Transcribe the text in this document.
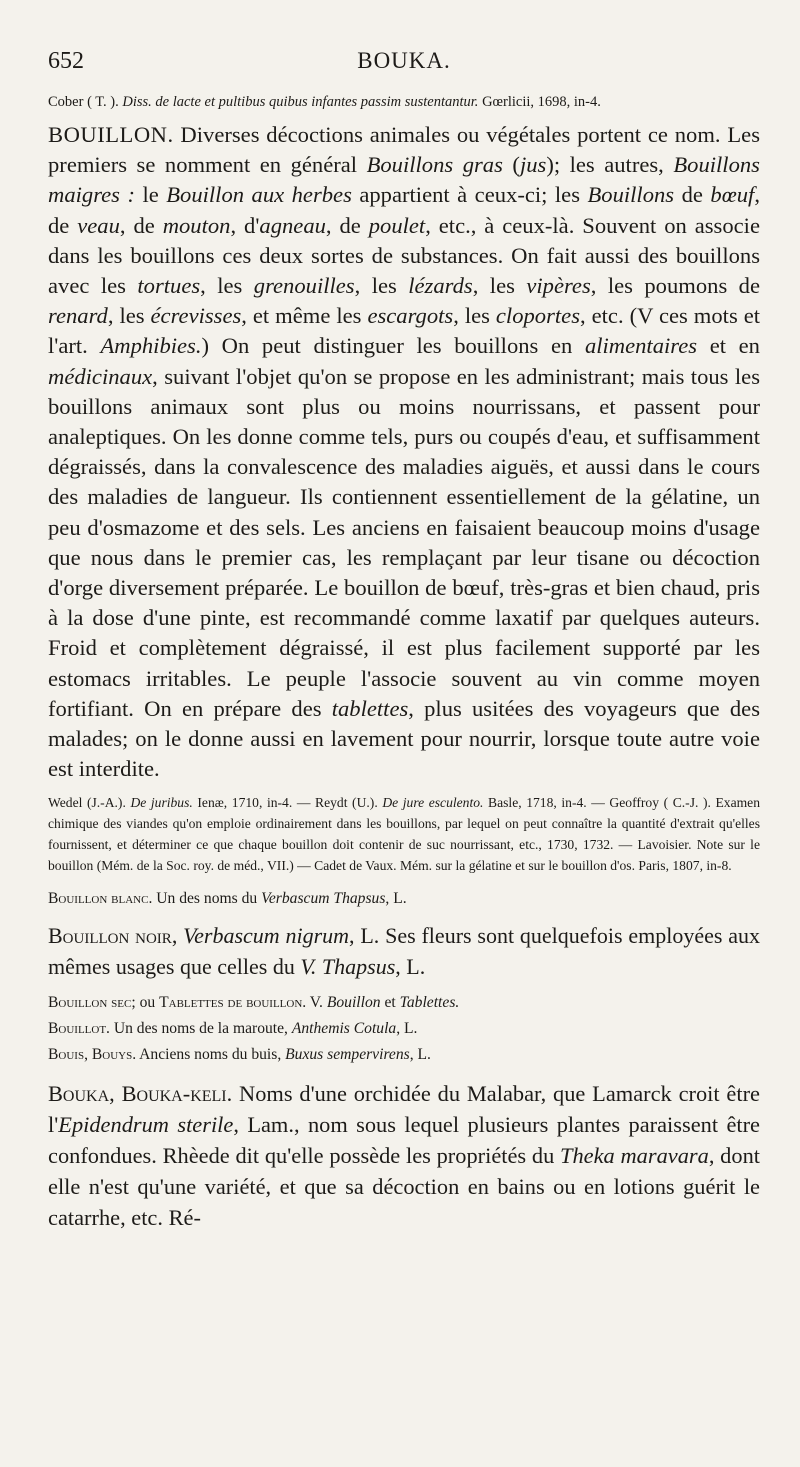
652	BOUKA.

Cober ( T. ). Diss. de lacte et pultibus quibus infantes passim sustentantur. Gœrlicii, 1698, in-4.

BOUILLON. Diverses décoctions animales ou végétales portent ce nom. Les premiers se nomment en général Bouillons gras (jus); les autres, Bouillons maigres : le Bouillon aux herbes appartient à ceux-ci; les Bouillons de bœuf, de veau, de mouton, d'agneau, de poulet, etc., à ceux-là. Souvent on associe dans les bouillons ces deux sortes de substances. On fait aussi des bouillons avec les tortues, les grenouilles, les lézards, les vipères, les poumons de renard, les écrevisses, et même les escargots, les cloportes, etc. (V ces mots et l'art. Amphibies.) On peut distinguer les bouillons en alimentaires et en médicinaux, suivant l'objet qu'on se propose en les administrant; mais tous les bouillons animaux sont plus ou moins nourrissans, et passent pour analeptiques. On les donne comme tels, purs ou coupés d'eau, et suffisamment dégraissés, dans la convalescence des maladies aiguës, et aussi dans le cours des maladies de langueur. Ils contiennent essentiellement de la gélatine, un peu d'osmazome et des sels. Les anciens en faisaient beaucoup moins d'usage que nous dans le premier cas, les remplaçant par leur tisane ou décoction d'orge diversement préparée. Le bouillon de bœuf, très-gras et bien chaud, pris à la dose d'une pinte, est recommandé comme laxatif par quelques auteurs. Froid et complètement dégraissé, il est plus facilement supporté par les estomacs irritables. Le peuple l'associe souvent au vin comme moyen fortifiant. On en prépare des tablettes, plus usitées des voyageurs que des malades; on le donne aussi en lavement pour nourrir, lorsque toute autre voie est interdite.

Wedel (J.-A.). De juribus. Ienæ, 1710, in-4. — Reydt (U.). De jure esculento. Basle, 1718, in-4. — Geoffroy ( C.-J. ). Examen chimique des viandes qu'on emploie ordinairement dans les bouillons, par lequel on peut connaître la quantité d'extrait qu'elles fournissent, et déterminer ce que chaque bouillon doit contenir de suc nourrissant, etc., 1730, 1732. — Lavoisier. Note sur le bouillon (Mém. de la Soc. roy. de méd., VII.) — Cadet de Vaux. Mém. sur la gélatine et sur le bouillon d'os. Paris, 1807, in-8.

Bouillon blanc. Un des noms du Verbascum Thapsus, L.

Bouillon noir, Verbascum nigrum, L. Ses fleurs sont quelquefois employées aux mêmes usages que celles du V. Thapsus, L.

Bouillon sec; ou Tablettes de bouillon. V. Bouillon et Tablettes.

Bouillot. Un des noms de la maroute, Anthemis Cotula, L.

Bouis, Bouys. Anciens noms du buis, Buxus sempervirens, L.

Bouka, Bouka-keli. Noms d'une orchidée du Malabar, que Lamarck croit être l'Epidendrum sterile, Lam., nom sous lequel plusieurs plantes paraissent être confondues. Rhèede dit qu'elle possède les propriétés du Theka maravara, dont elle n'est qu'une variété, et que sa décoction en bains ou en lotions guérit le catarrhe, etc. Ré-
